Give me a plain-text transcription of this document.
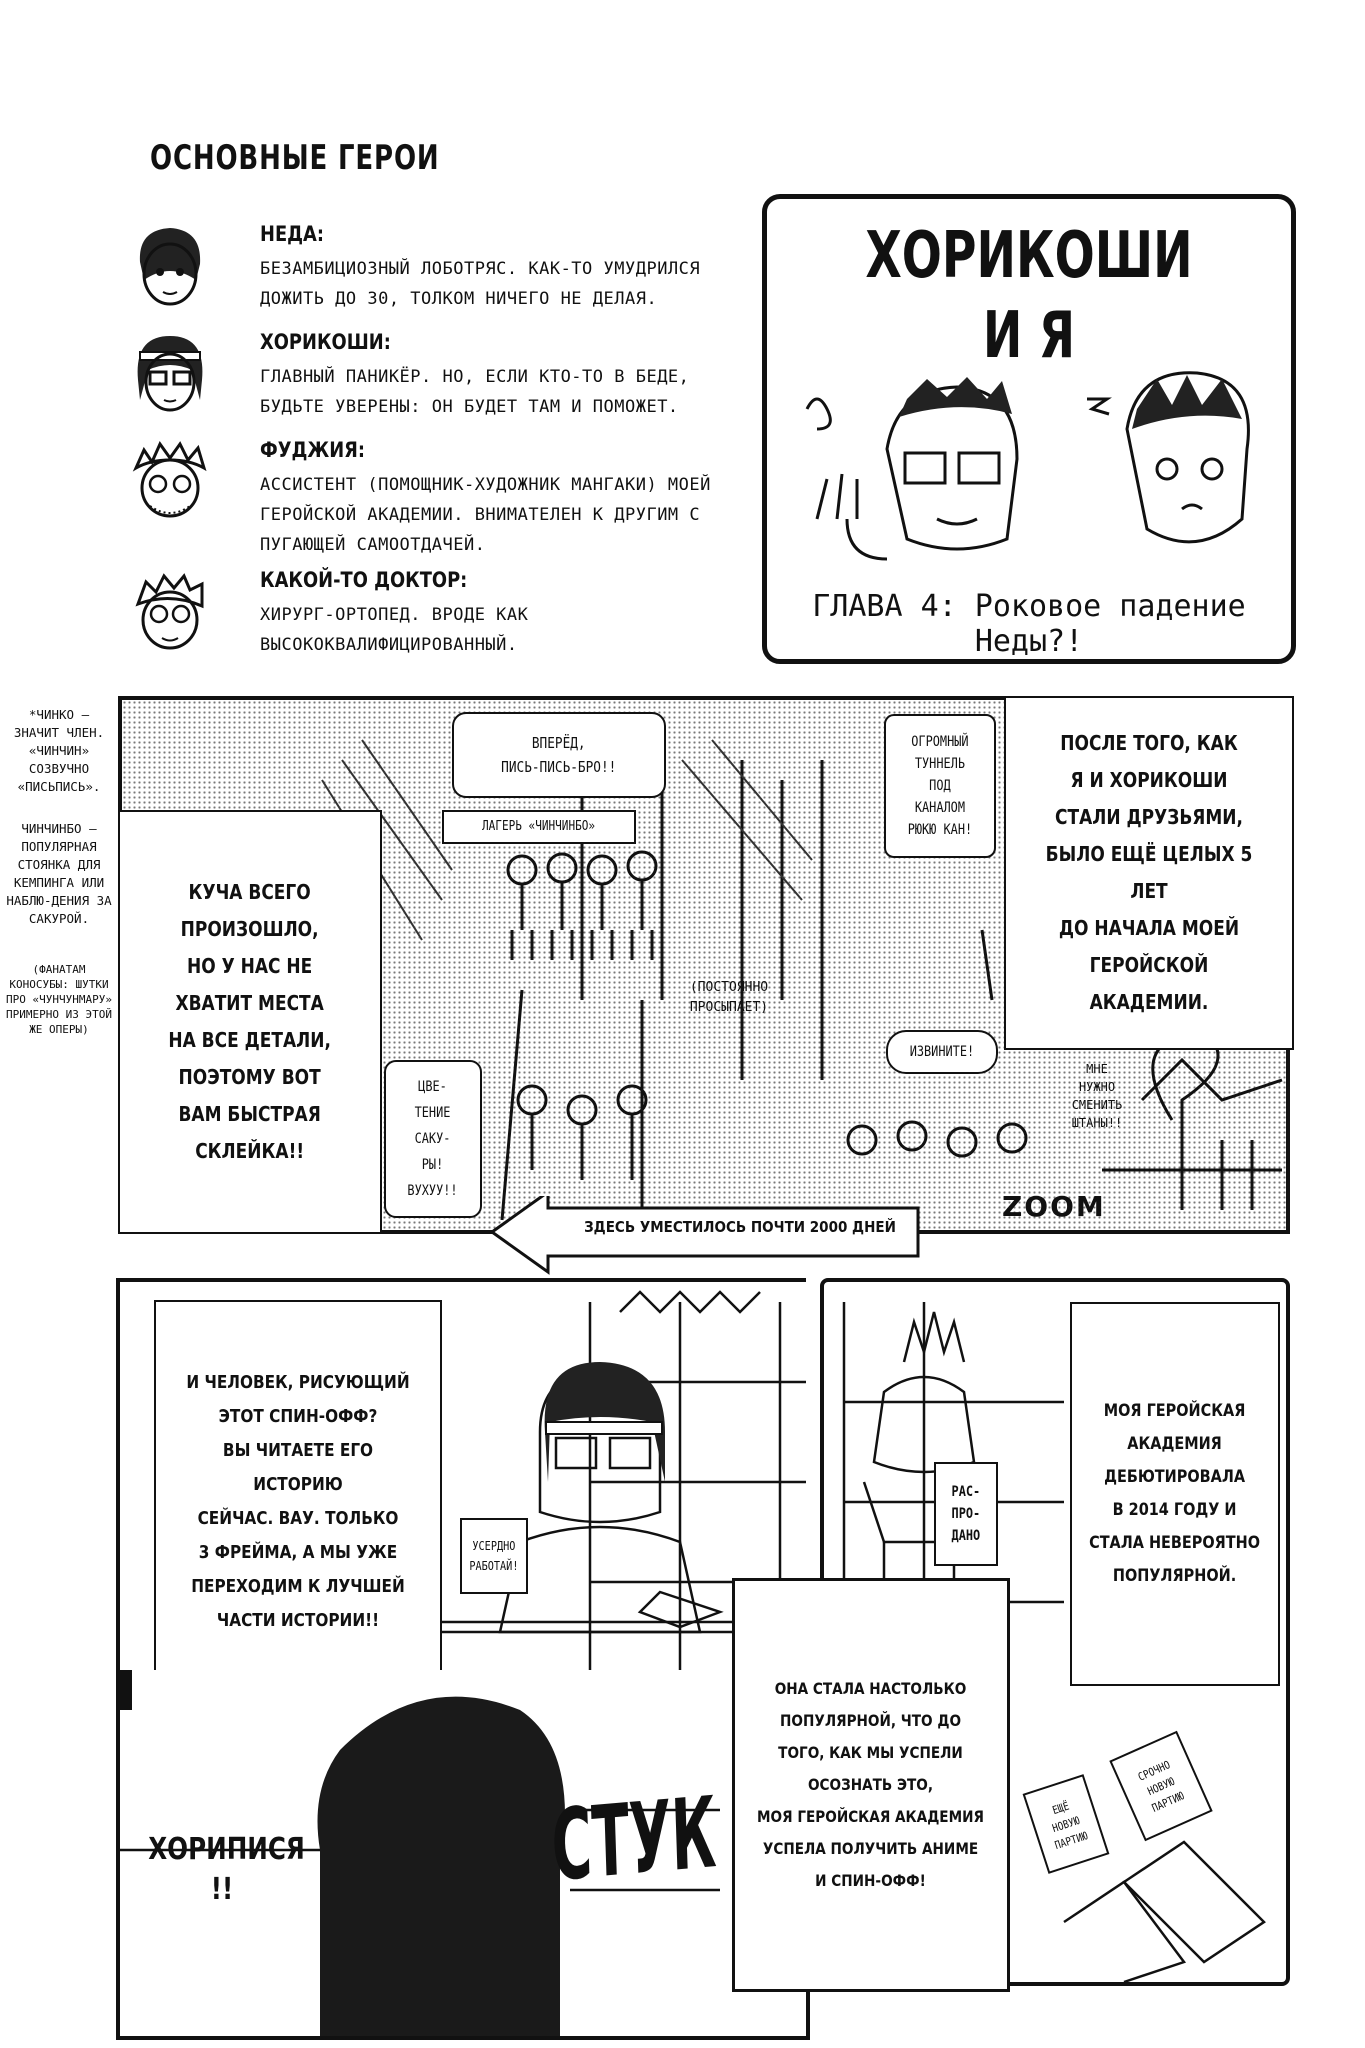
ОСНОВНЫЕ ГЕРОИ
НЕДА:
БЕЗАМБИЦИОЗНЫЙ ЛОБОТРЯС. КАК-ТО УМУДРИЛСЯ ДОЖИТЬ ДО 30, ТОЛКОМ НИЧЕГО НЕ ДЕЛАЯ.
ХОРИКОШИ:
ГЛАВНЫЙ ПАНИКЁР. НО, ЕСЛИ КТО-ТО В БЕДЕ, БУДЬТЕ УВЕРЕНЫ: ОН БУДЕТ ТАМ И ПОМОЖЕТ.
ФУДЖИЯ:
АССИСТЕНТ (ПОМОЩНИК-ХУДОЖНИК МАНГАКИ) МОЕЙ ГЕРОЙСКОЙ АКАДЕМИИ. ВНИМАТЕЛЕН К ДРУГИМ С ПУГАЮЩЕЙ САМООТДАЧЕЙ.
КАКОЙ-ТО ДОКТОР:
ХИРУРГ-ОРТОПЕД. ВРОДЕ КАК ВЫСОКОКВАЛИФИЦИРОВАННЫЙ.
ХОРИКОШИ
И Я
ГЛАВА 4: Роковое падение Неды?!
*ЧИНКО – ЗНАЧИТ ЧЛЕН. «ЧИНЧИН» СОЗВУЧНО «ПИСЬПИСЬ».
ЧИНЧИНБО – ПОПУЛЯРНАЯ СТОЯНКА ДЛЯ КЕМПИНГА ИЛИ НАБЛЮ-ДЕНИЯ ЗА САКУРОЙ.
(ФАНАТАМ КОНОСУБЫ: ШУТКИ ПРО «ЧУНЧУНМАРУ» ПРИМЕРНО ИЗ ЭТОЙ ЖЕ ОПЕРЫ)
КУЧА ВСЕГО
ПРОИЗОШЛО,
НО У НАС НЕ
ХВАТИТ МЕСТА
НА ВСЕ ДЕТАЛИ,
ПОЭТОМУ ВОТ
ВАМ БЫСТРАЯ
СКЛЕЙКА!!
ПОСЛЕ ТОГО, КАК
Я И ХОРИКОШИ
СТАЛИ ДРУЗЬЯМИ,
БЫЛО ЕЩЁ ЦЕЛЫХ 5 ЛЕТ
ДО НАЧАЛА МОЕЙ
ГЕРОЙСКОЙ АКАДЕМИИ.
ВПЕРЁД,
ПИСЬ-ПИСЬ-БРО!!
ЛАГЕРЬ «ЧИНЧИНБО»
ОГРОМНЫЙ
ТУННЕЛЬ
ПОД
КАНАЛОМ
РЮКЮ КАН!
(ПОСТОЯННО
ПРОСЫПАЕТ)
ИЗВИНИТЕ!
ЦВЕ-
ТЕНИЕ
САКУ-
РЫ!
ВУХУУ!!
МНЕ
НУЖНО
СМЕНИТЬ
ШТАНЫ!!
ZOOM
ЗДЕСЬ УМЕСТИЛОСЬ ПОЧТИ 2000 ДНЕЙ
И ЧЕЛОВЕК, РИСУЮЩИЙ
ЭТОТ СПИН-ОФФ?
ВЫ ЧИТАЕТЕ ЕГО ИСТОРИЮ
СЕЙЧАС. ВАУ. ТОЛЬКО
3 ФРЕЙМА, А МЫ УЖЕ
ПЕРЕХОДИМ К ЛУЧШЕЙ
ЧАСТИ ИСТОРИИ!!
УСЕРДНО
РАБОТАЙ!
РАС-
ПРО-
ДАНО
МОЯ ГЕРОЙСКАЯ
АКАДЕМИЯ
ДЕБЮТИРОВАЛА
В 2014 ГОДУ И
СТАЛА НЕВЕРОЯТНО
ПОПУЛЯРНОЙ.
ЕЩЁ
НОВУЮ
ПАРТИЮ
СРОЧНО
НОВУЮ
ПАРТИЮ
СТУК
ХОРИПИСЯ
!!
ОНА СТАЛА НАСТОЛЬКО
ПОПУЛЯРНОЙ, ЧТО ДО
ТОГО, КАК МЫ УСПЕЛИ
ОСОЗНАТЬ ЭТО,
МОЯ ГЕРОЙСКАЯ АКАДЕМИЯ
УСПЕЛА ПОЛУЧИТЬ АНИМЕ
И СПИН-ОФФ!
